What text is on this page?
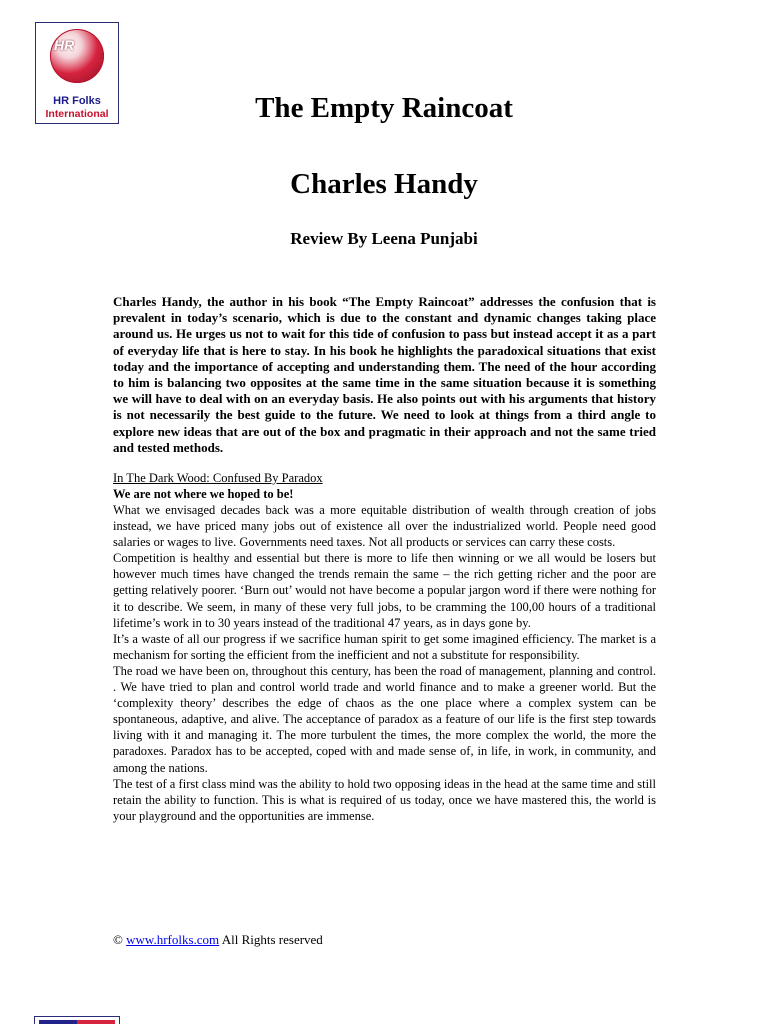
HR
HR Folks
International	The Empty Raincoat
Charles Handy
Review By Leena Punjabi

Charles Handy, the author in his book “The Empty Raincoat” addresses the confusion that is prevalent in today’s scenario, which is due to the constant and dynamic changes taking place around us. He urges us not to wait for this tide of confusion to pass but instead accept it as a part of everyday life that is here to stay. In his book he highlights the paradoxical situations that exist today and the importance of accepting and understanding them. The need of the hour according to him is balancing two opposites at the same time in the same situation because it is something we will have to deal with on an everyday basis. He also points out with his arguments that history is not necessarily the best guide to the future. We need to look at things from a third angle to explore new ideas that are out of the box and pragmatic in their approach and not the same tried and tested methods.

In The Dark Wood: Confused By Paradox

We are not where we hoped to be!

What we envisaged decades back was a more equitable distribution of wealth through creation of jobs instead, we have priced many jobs out of existence all over the industrialized world. People need good salaries or wages to live. Governments need taxes. Not all products or services can carry these costs.

Competition is healthy and essential but there is more to life then winning or we all would be losers but however much times have changed the trends remain the same – the rich getting richer and the poor are getting relatively poorer. ‘Burn out’ would not have become a popular jargon word if there were nothing for it to describe. We seem, in many of these very full jobs, to be cramming the 100,00 hours of a traditional lifetime’s work in to 30 years instead of the traditional 47 years, as in days gone by.

It’s a waste of all our progress if we sacrifice human spirit to get some imagined efficiency. The market is a mechanism for sorting the efficient from the inefficient and not a substitute for responsibility.

The road we have been on, throughout this century, has been the road of management, planning and control. . We have tried to plan and control world trade and world finance and to make a greener world. But the ‘complexity theory’ describes the edge of chaos as the one place where a complex system can be spontaneous, adaptive, and alive. The acceptance of paradox as a feature of our life is the first step towards living with it and managing it. The more turbulent the times, the more complex the world, the more the paradoxes. Paradox has to be accepted, coped with and made sense of, in life, in work, in community, and among the nations.

The test of a first class mind was the ability to hold two opposing ideas in the head at the same time and still retain the ability to function. This is what is required of us today, once we have mastered this, the world is your playground and the opportunities are immense.

© www.hrfolks.com All Rights reserved
